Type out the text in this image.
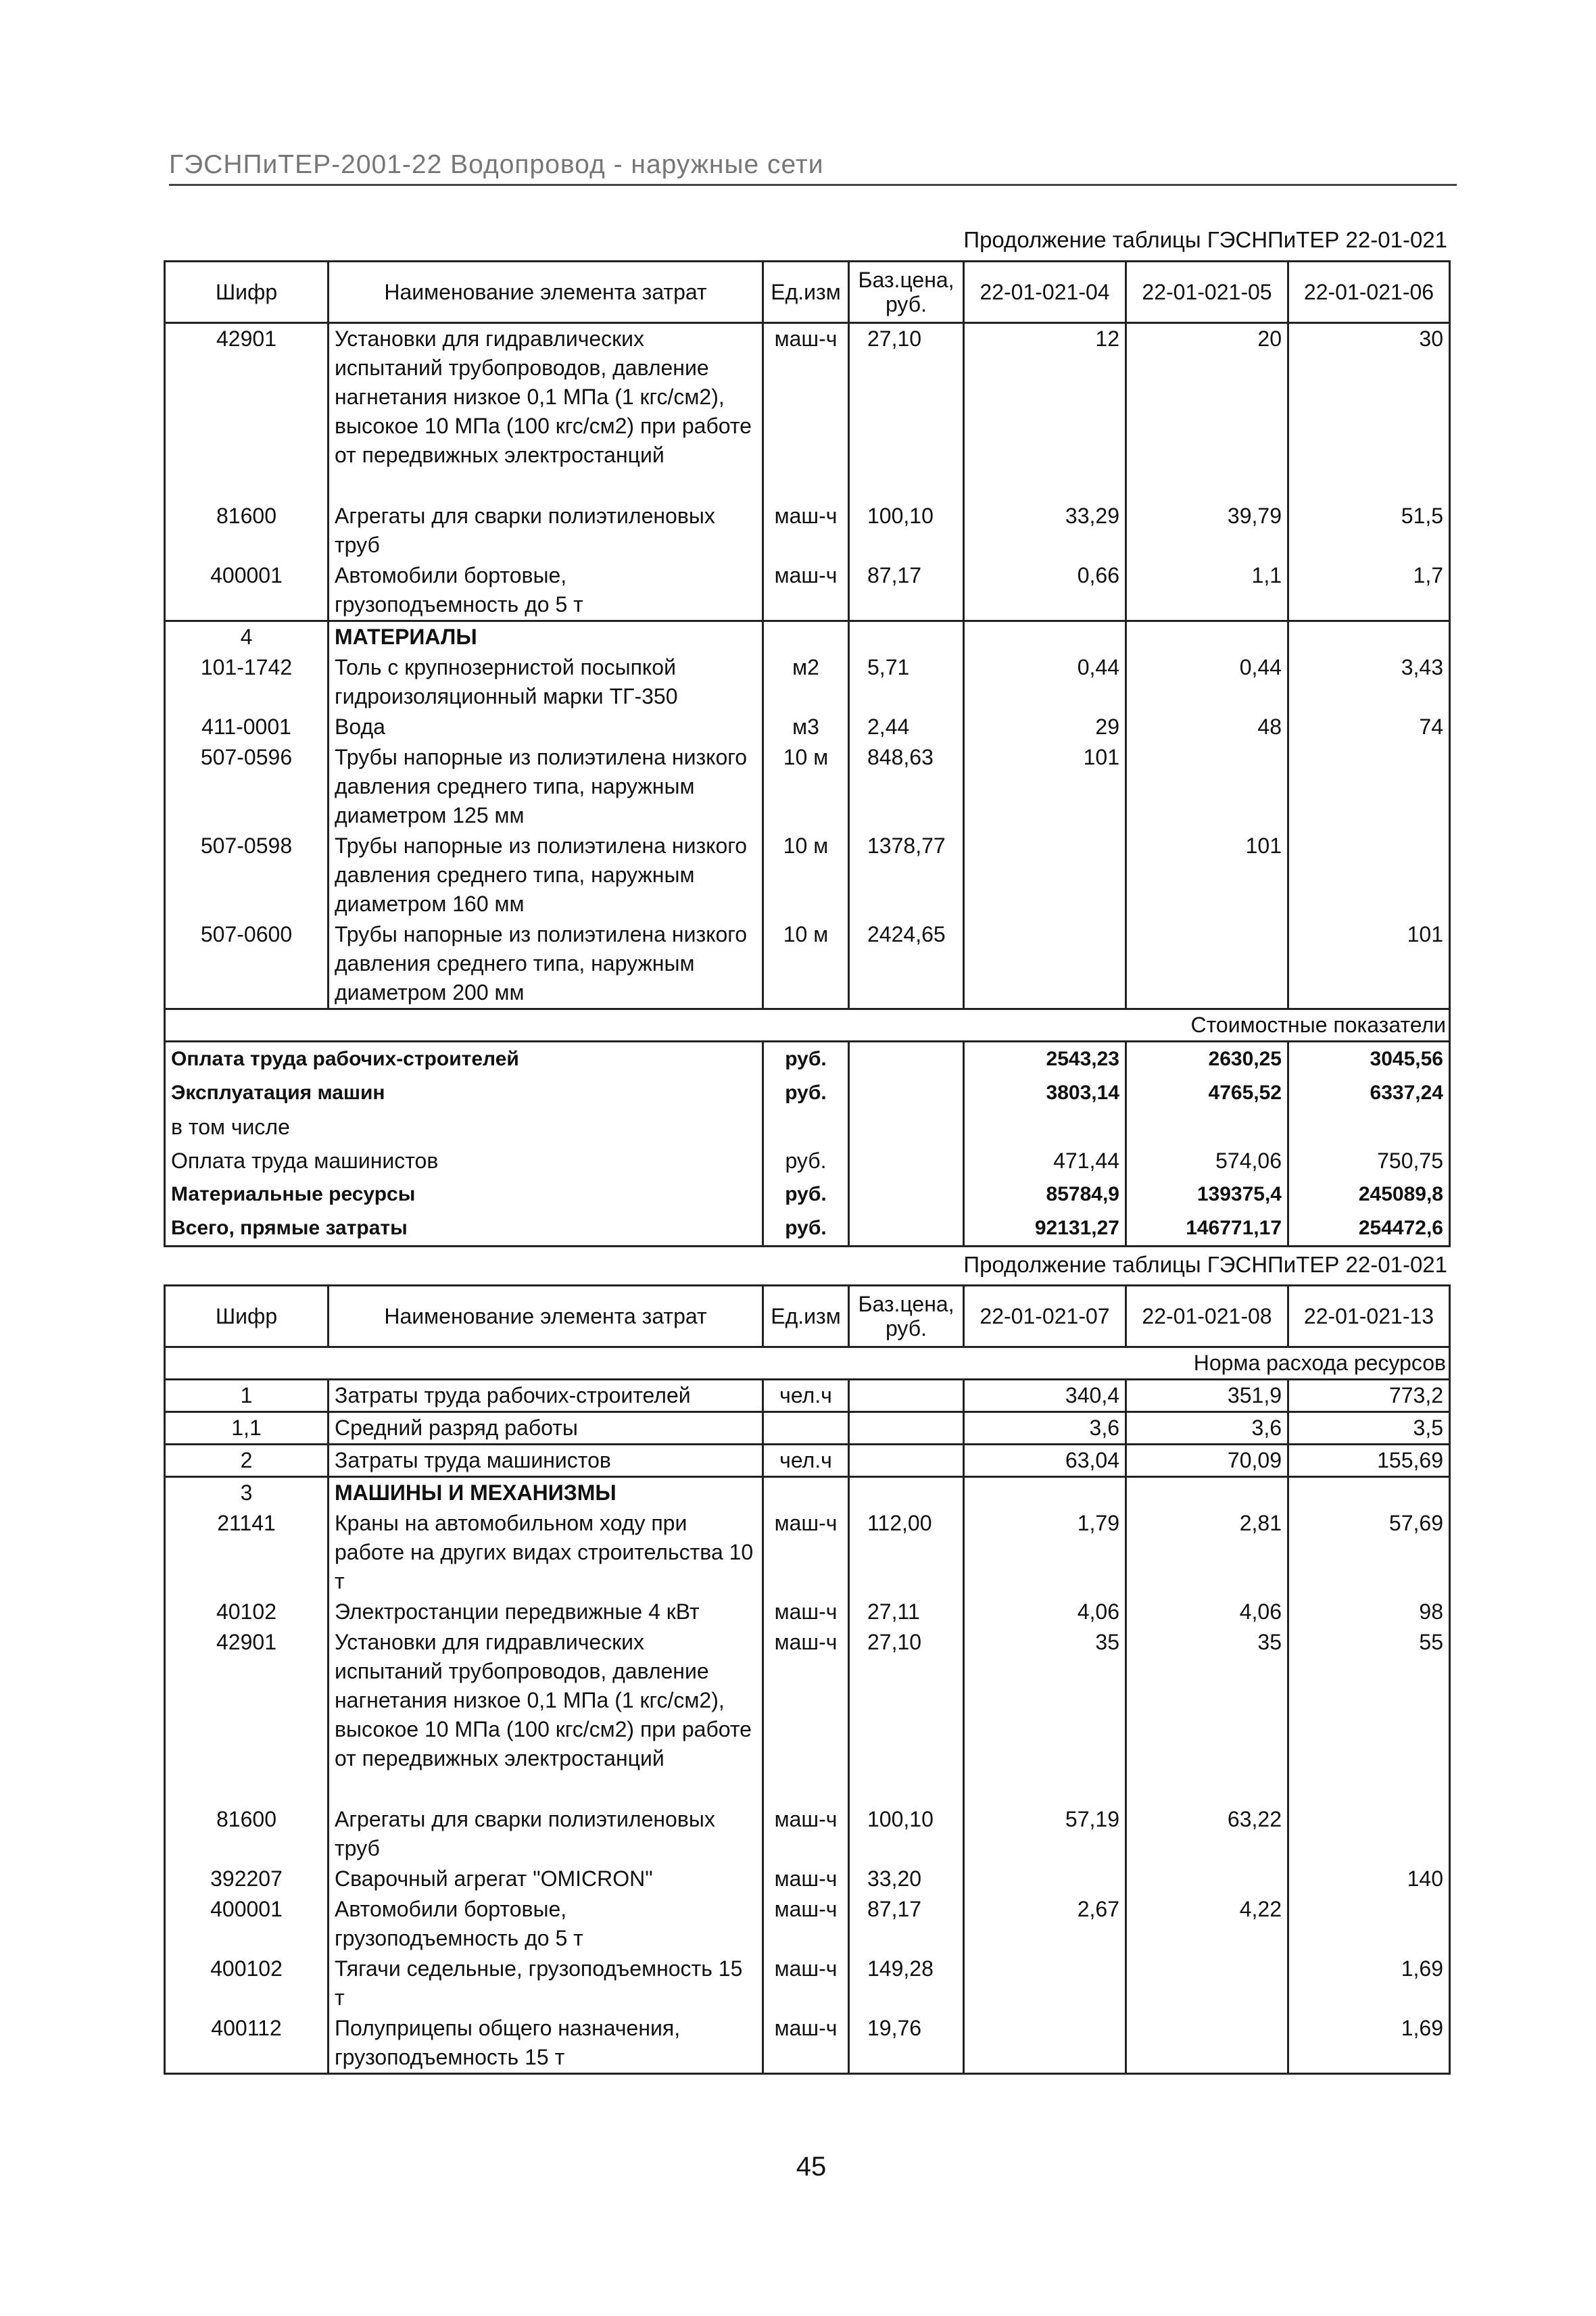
ГЭСНПиТЕР-2001-22 Водопровод - наружные сети
Продолжение таблицы ГЭСНПиТЕР 22-01-021
Шифр	Наименование элемента затрат	Ед.изм	Баз.цена, руб.	22-01-021-04	22-01-021-05	22-01-021-06
42901	Установки для гидравлических испытаний трубопроводов, давление нагнетания низкое 0,1 МПа (1 кгс/см2), высокое 10 МПа (100 кгс/см2) при работе от передвижных электростанций	маш-ч	27,10	12	20	30
81600	Агрегаты для сварки полиэтиленовых труб	маш-ч	100,10	33,29	39,79	51,5
400001	Автомобили бортовые, грузоподъемность до 5 т	маш-ч	87,17	0,66	1,1	1,7
4	МАТЕРИАЛЫ					
101-1742	Толь с крупнозернистой посыпкой гидроизоляционный марки ТГ-350	м2	5,71	0,44	0,44	3,43
411-0001	Вода	м3	2,44	29	48	74
507-0596	Трубы напорные из полиэтилена низкого давления среднего типа, наружным диаметром 125 мм	10 м	848,63	101		
507-0598	Трубы напорные из полиэтилена низкого давления среднего типа, наружным диаметром 160 мм	10 м	1378,77		101	
507-0600	Трубы напорные из полиэтилена низкого давления среднего типа, наружным диаметром 200 мм	10 м	2424,65			101
Стоимостные показатели						
Оплата труда рабочих-строителей		руб.		2543,23	2630,25	3045,56
Эксплуатация машин		руб.		3803,14	4765,52	6337,24
в том числе						
Оплата труда машинистов		руб.		471,44	574,06	750,75
Материальные ресурсы		руб.		85784,9	139375,4	245089,8
Всего, прямые затраты		руб.		92131,27	146771,17	254472,6
Продолжение таблицы ГЭСНПиТЕР 22-01-021
Шифр	Наименование элемента затрат	Ед.изм	Баз.цена, руб.	22-01-021-07	22-01-021-08	22-01-021-13
Норма расхода ресурсов						
1	Затраты труда рабочих-строителей	чел.ч		340,4	351,9	773,2
1,1	Средний разряд работы			3,6	3,6	3,5
2	Затраты труда машинистов	чел.ч		63,04	70,09	155,69
3	МАШИНЫ И МЕХАНИЗМЫ					
21141	Краны на автомобильном ходу при работе на других видах строительства 10 т	маш-ч	112,00	1,79	2,81	57,69
40102	Электростанции передвижные 4 кВт	маш-ч	27,11	4,06	4,06	98
42901	Установки для гидравлических испытаний трубопроводов, давление нагнетания низкое 0,1 МПа (1 кгс/см2), высокое 10 МПа (100 кгс/см2) при работе от передвижных электростанций	маш-ч	27,10	35	35	55
81600	Агрегаты для сварки полиэтиленовых труб	маш-ч	100,10	57,19	63,22	
392207	Сварочный агрегат "OMICRON"	маш-ч	33,20			140
400001	Автомобили бортовые, грузоподъемность до 5 т	маш-ч	87,17	2,67	4,22	
400102	Тягачи седельные, грузоподъемность 15 т	маш-ч	149,28			1,69
400112	Полуприцепы общего назначения, грузоподъемность 15 т	маш-ч	19,76			1,69
45
